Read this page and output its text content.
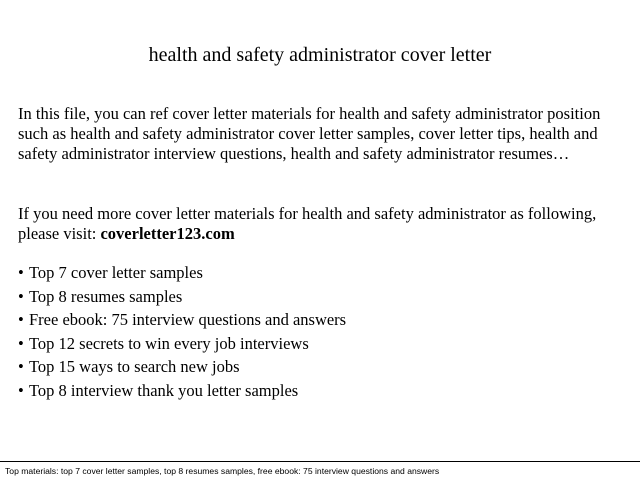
health and safety administrator cover letter

In this file, you can ref cover letter materials for health and safety administrator position such as health and safety administrator cover letter samples, cover letter tips, health and safety administrator interview questions, health and safety administrator resumes…

If you need more cover letter materials for health and safety administrator as following, please visit: coverletter123.com

• Top 7 cover letter samples
• Top 8 resumes samples
• Free ebook: 75 interview questions and answers
• Top 12 secrets to win every job interviews
• Top 15 ways to search new jobs
• Top 8 interview thank you letter samples
Top materials: top 7 cover letter samples, top 8 resumes samples, free ebook: 75 interview questions and answers
